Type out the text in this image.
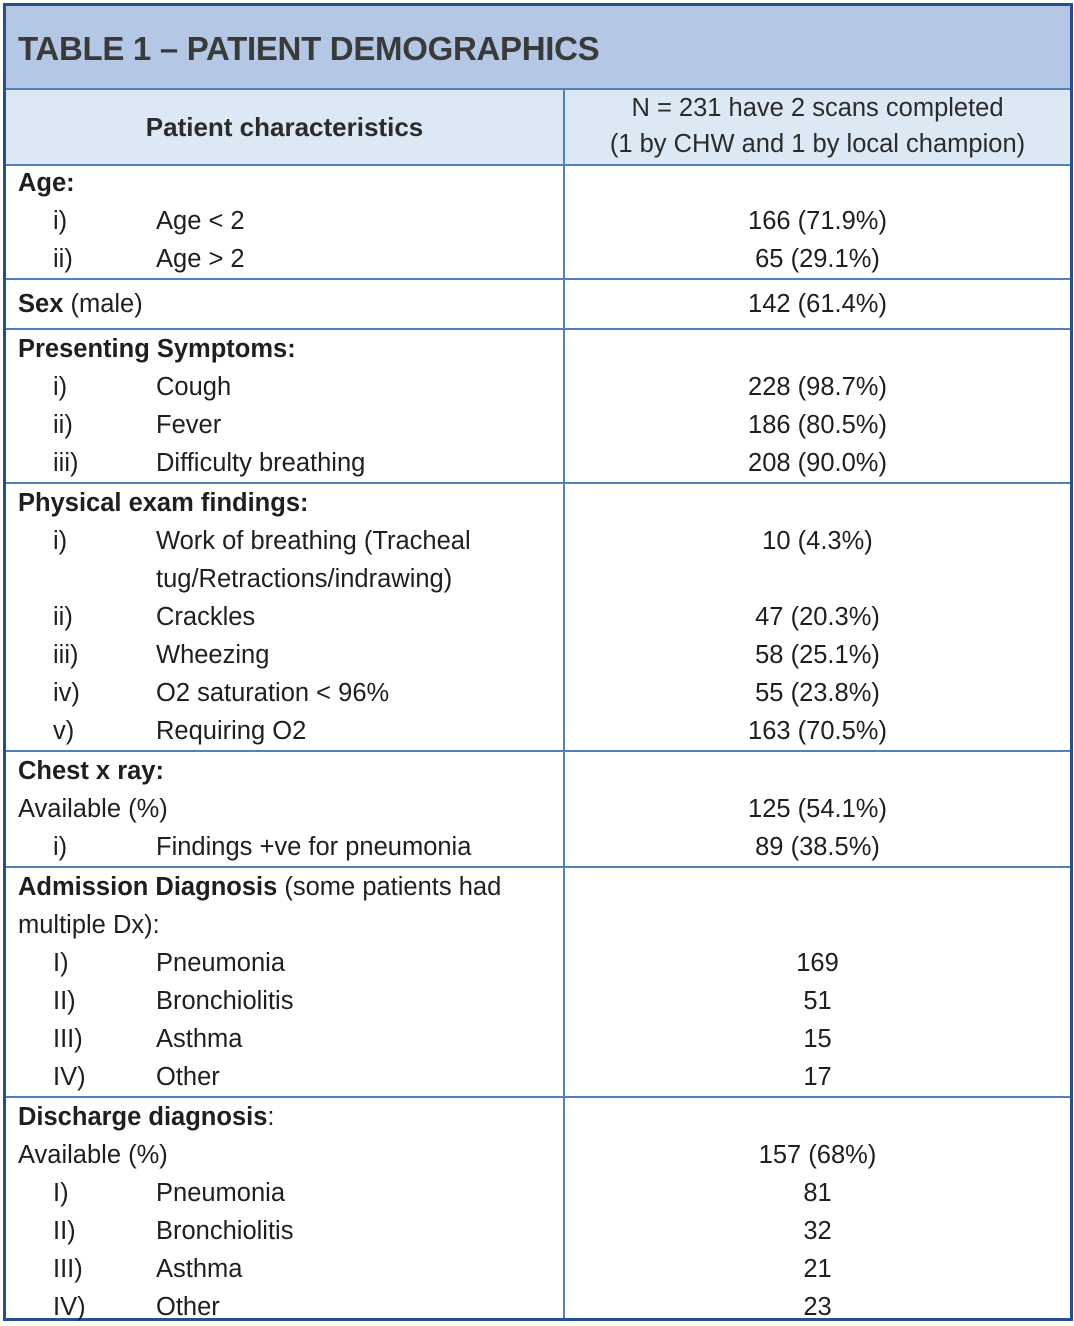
TABLE 1 – PATIENT DEMOGRAPHICS
Patient characteristics
N = 231 have 2 scans completed
(1 by CHW and 1 by local champion)
Age:
i)	Age < 2	166 (71.9%)
ii)	Age > 2	65 (29.1%)
Sex (male)	142 (61.4%)
Presenting Symptoms:
i)	Cough	228 (98.7%)
ii)	Fever	186 (80.5%)
iii)	Difficulty breathing	208 (90.0%)
Physical exam findings:
i)	Work of breathing (Tracheal	10 (4.3%)
tug/Retractions/indrawing)
ii)	Crackles	47 (20.3%)
iii)	Wheezing	58 (25.1%)
iv)	O2 saturation < 96%	55 (23.8%)
v)	Requiring O2	163 (70.5%)
Chest x ray:
Available (%)	125 (54.1%)
i)	Findings +ve for pneumonia	89 (38.5%)
Admission Diagnosis (some patients had
multiple Dx):
I)	Pneumonia	169
II)	Bronchiolitis	51
III)	Asthma	15
IV)	Other	17
Discharge diagnosis:
Available (%)	157 (68%)
I)	Pneumonia	81
II)	Bronchiolitis	32
III)	Asthma	21
IV)	Other	23
